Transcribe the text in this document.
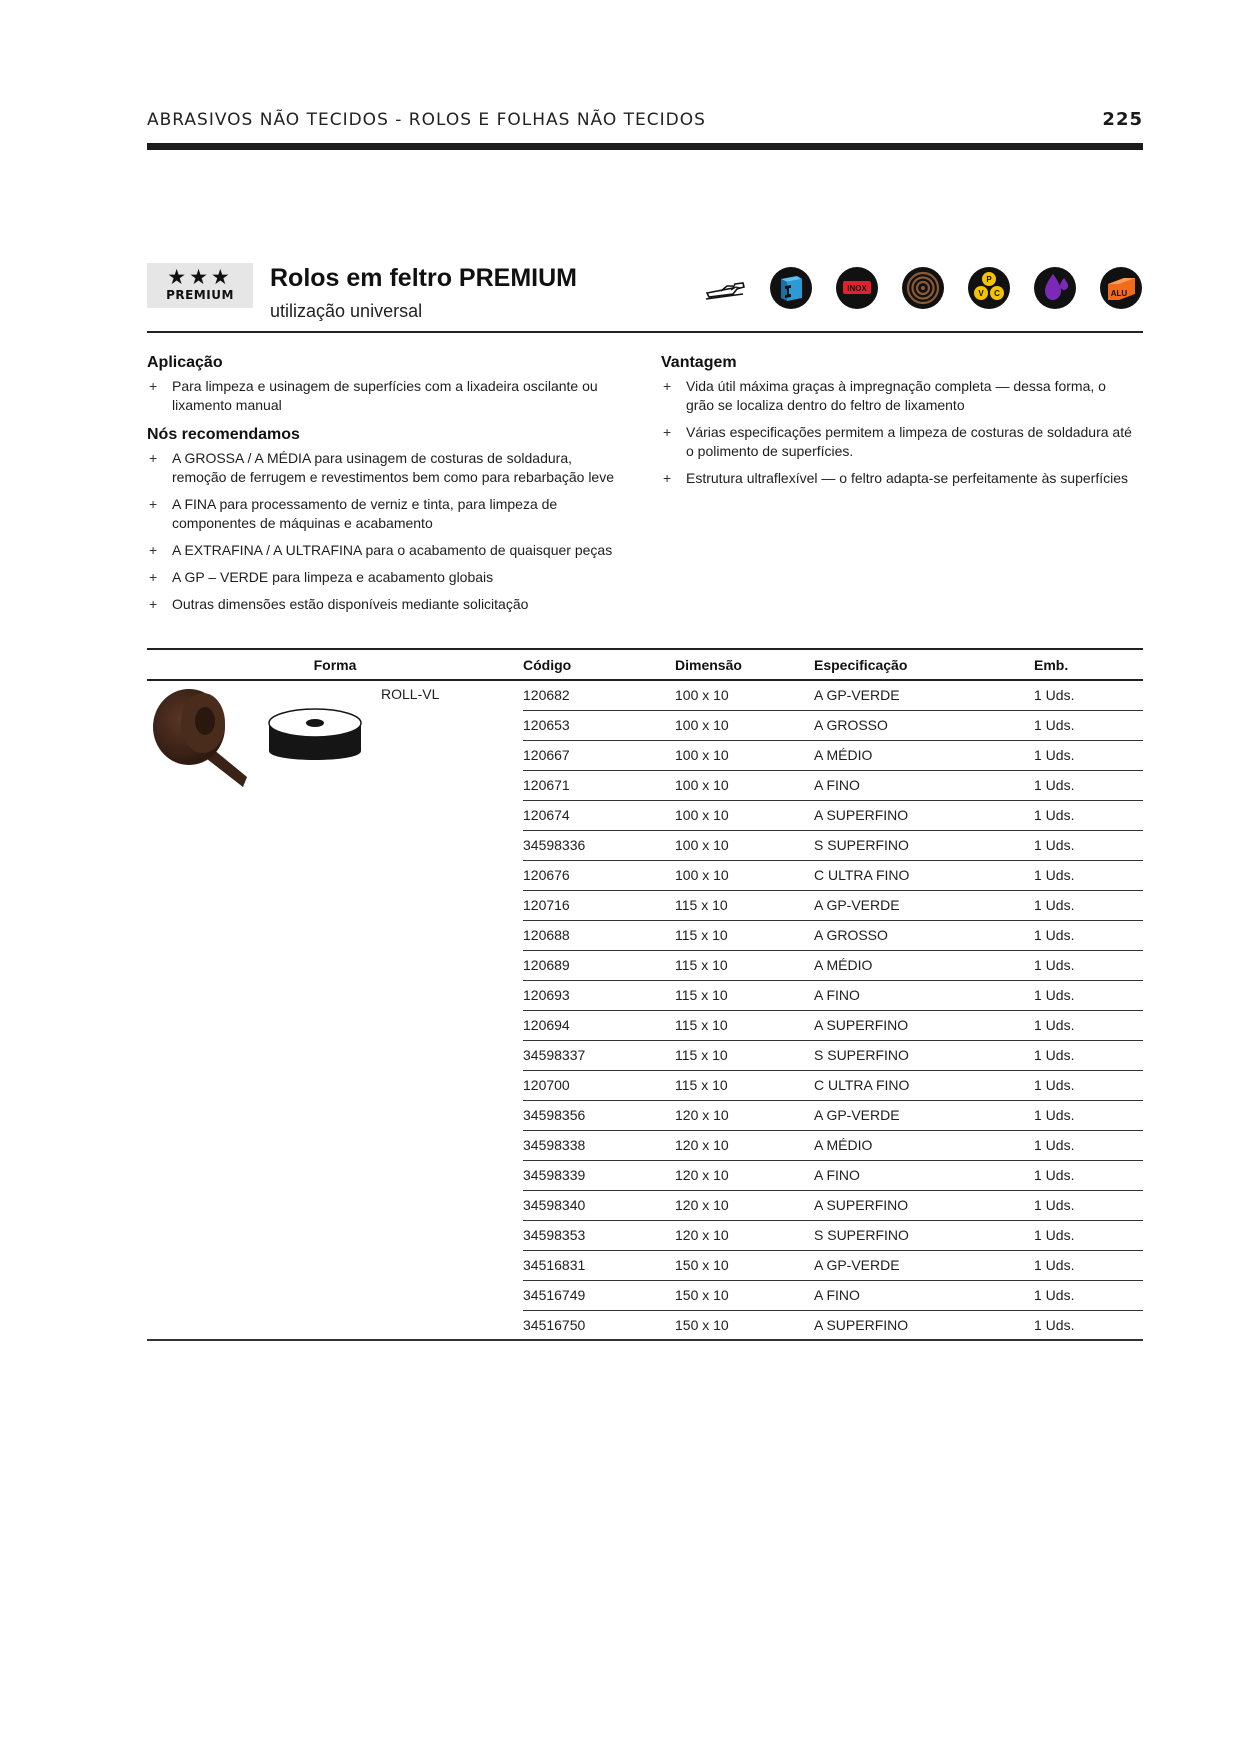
ABRASIVOS NÃO TECIDOS - ROLOS E FOLHAS NÃO TECIDOS	225
★★★
PREMIUM
Rolos em feltro PREMIUM
utilização universal
INOX
P
V C	ALU
Aplicação
+ Para limpeza e usinagem de superfícies com a lixadeira oscilante ou lixamento manual
Nós recomendamos
+ A GROSSA / A MÉDIA para usinagem de costuras de soldadura, remoção de ferrugem e revestimentos bem como para rebarbação leve
+ A FINA para processamento de verniz e tinta, para limpeza de componentes de máquinas e acabamento
+ A EXTRAFINA / A ULTRAFINA para o acabamento de quaisquer peças
+ A GP – VERDE para limpeza e acabamento globais
+ Outras dimensões estão disponíveis mediante solicitação
Vantagem
+ Vida útil máxima graças à impregnação completa — dessa forma, o grão se localiza dentro do feltro de lixamento
+ Várias especificações permitem a limpeza de costuras de soldadura até o polimento de superfícies.
+ Estrutura ultraflexível — o feltro adapta-se perfeitamente às superfícies
Forma	Código	Dimensão	Especificação	Emb.

ROLL-VL	120682	100 x 10	A GP-VERDE	1 Uds.
	120653	100 x 10	A GROSSO	1 Uds.
	120667	100 x 10	A MÉDIO	1 Uds.
	120671	100 x 10	A FINO	1 Uds.
	120674	100 x 10	A SUPERFINO	1 Uds.
	34598336	100 x 10	S SUPERFINO	1 Uds.
	120676	100 x 10	C ULTRA FINO	1 Uds.
	120716	115 x 10	A GP-VERDE	1 Uds.
	120688	115 x 10	A GROSSO	1 Uds.
	120689	115 x 10	A MÉDIO	1 Uds.
	120693	115 x 10	A FINO	1 Uds.
	120694	115 x 10	A SUPERFINO	1 Uds.
	34598337	115 x 10	S SUPERFINO	1 Uds.
	120700	115 x 10	C ULTRA FINO	1 Uds.
	34598356	120 x 10	A GP-VERDE	1 Uds.
	34598338	120 x 10	A MÉDIO	1 Uds.
	34598339	120 x 10	A FINO	1 Uds.
	34598340	120 x 10	A SUPERFINO	1 Uds.
	34598353	120 x 10	S SUPERFINO	1 Uds.
	34516831	150 x 10	A GP-VERDE	1 Uds.
	34516749	150 x 10	A FINO	1 Uds.
	34516750	150 x 10	A SUPERFINO	1 Uds.
